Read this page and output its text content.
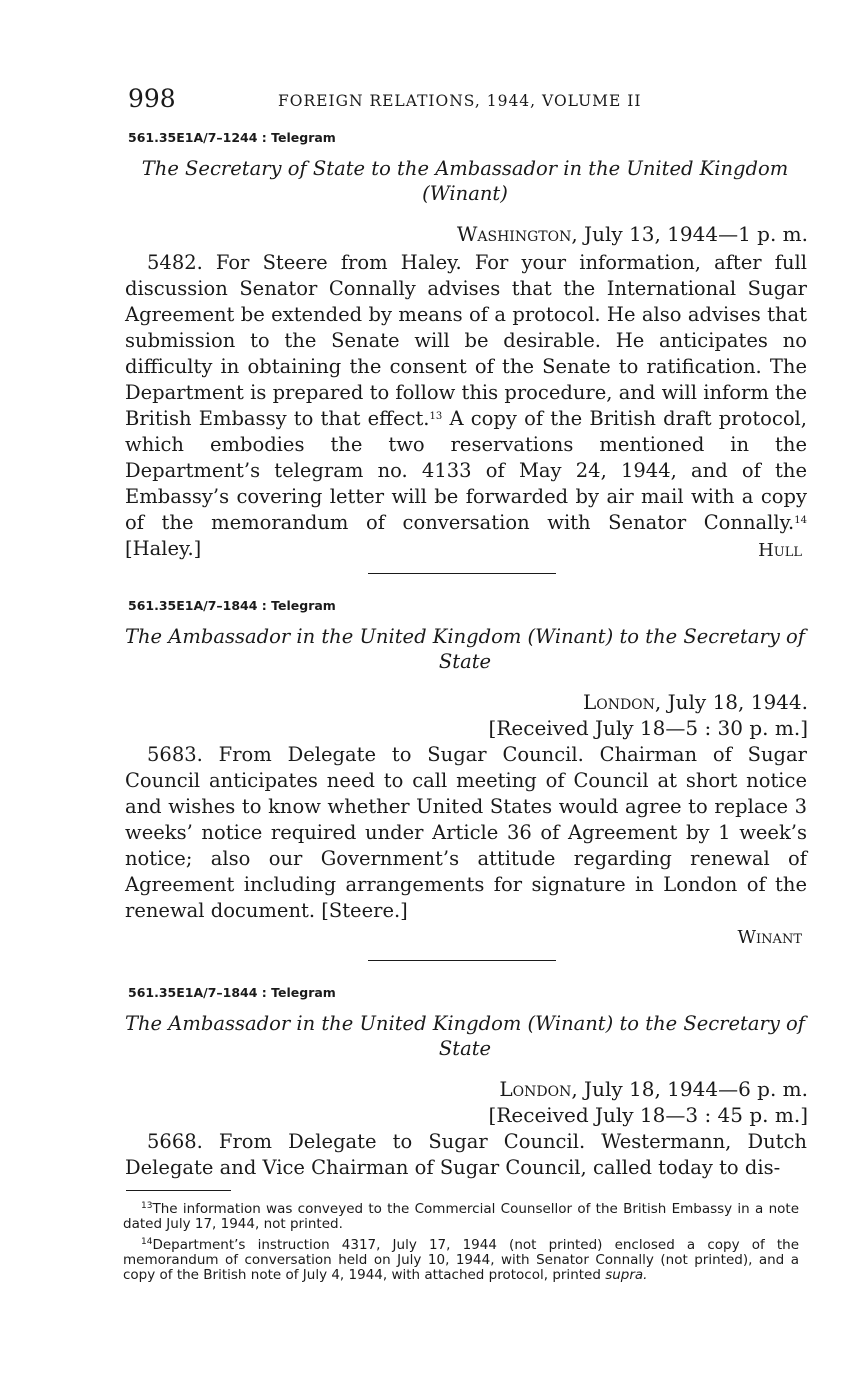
998	FOREIGN RELATIONS, 1944, VOLUME II
561.35E1A/7–1244 : Telegram
The Secretary of State to the Ambassador in the United Kingdom (Winant)
Washington, July 13, 1944—1 p. m.

5482. For Steere from Haley. For your information, after full discussion Senator Connally advises that the International Sugar Agreement be extended by means of a protocol. He also advises that submission to the Senate will be desirable. He anticipates no difficulty in obtaining the consent of the Senate to ratification. The Department is prepared to follow this procedure, and will inform the British Embassy to that effect.$^{13}$ A copy of the British draft protocol, which embodies the two reservations mentioned in the Department’s telegram no. 4133 of May 24, 1944, and of the Embassy’s covering letter will be forwarded by air mail with a copy of the memorandum of conversation with Senator Connally.$^{14}$ [Haley.]	Hull
561.35E1A/7–1844 : Telegram
The Ambassador in the United Kingdom (Winant) to the Secretary of State
London, July 18, 1944.
[Received July 18—5 : 30 p. m.]

5683. From Delegate to Sugar Council. Chairman of Sugar Council anticipates need to call meeting of Council at short notice and wishes to know whether United States would agree to replace 3 weeks’ notice required under Article 36 of Agreement by 1 week’s notice; also our Government’s attitude regarding renewal of Agreement including arrangements for signature in London of the renewal document. [Steere.]

Winant
561.35E1A/7–1844 : Telegram
The Ambassador in the United Kingdom (Winant) to the Secretary of State
London, July 18, 1944—6 p. m.
[Received July 18—3 : 45 p. m.]

5668. From Delegate to Sugar Council. Westermann, Dutch Delegate and Vice Chairman of Sugar Council, called today to dis-

$^{13}$The information was conveyed to the Commercial Counsellor of the British Embassy in a note dated July 17, 1944, not printed.

$^{14}$Department’s instruction 4317, July 17, 1944 (not printed) enclosed a copy of the memorandum of conversation held on July 10, 1944, with Senator Connally (not printed), and a copy of the British note of July 4, 1944, with attached protocol, printed supra.
